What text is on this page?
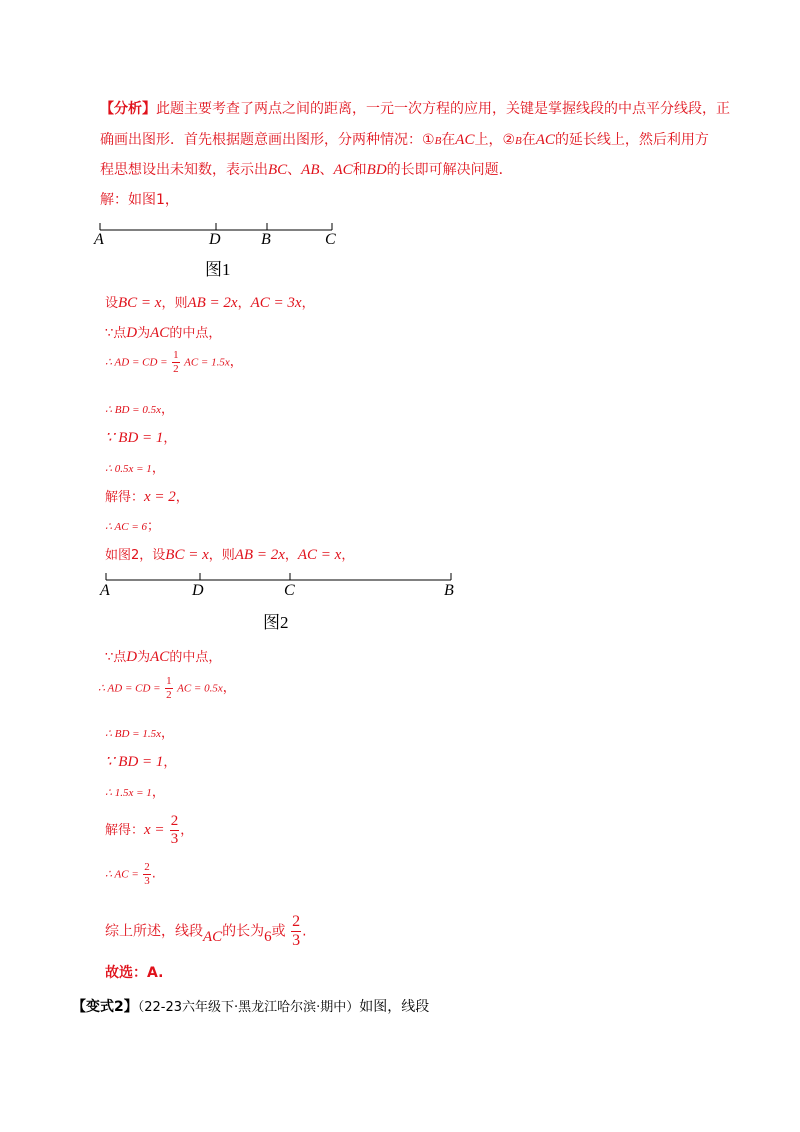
【分析】此题主要考查了两点之间的距离，一元一次方程的应用，关键是掌握线段的中点平分线段，正
确画出图形．首先根据题意画出图形，分两种情况：①B在AC上，②B在AC的延长线上，然后利用方
程思想设出未知数，表示出BC、AB、AC和BD的长即可解决问题．
解：如图1，
A	D	B	C
图1
设BC = x，则AB = 2x，AC = 3x，
∵点D为AC的中点，
∴ AD = CD = $\frac{1}{2}$ AC = 1.5x，
∴ BD = 0.5x，
∵ BD = 1，
∴ 0.5x = 1，
解得：x = 2，
∴ AC = 6；
如图2，设BC = x，则AB = 2x，AC = x，
A	D	C	B
图2
∵点D为AC的中点，
∴ AD = CD = $\frac{1}{2}$ AC = 0.5x，
∴ BD = 1.5x，
∵ BD = 1，
∴ 1.5x = 1，
解得：$x = \frac{2}{3}$ ，
∴ AC = $\frac{2}{3}$ .
综上所述，线段AC的长为6或 $\frac{2}{3}$ .
故选：A.
【变式2】（22-23六年级下·黑龙江哈尔滨·期中）如图，线段
